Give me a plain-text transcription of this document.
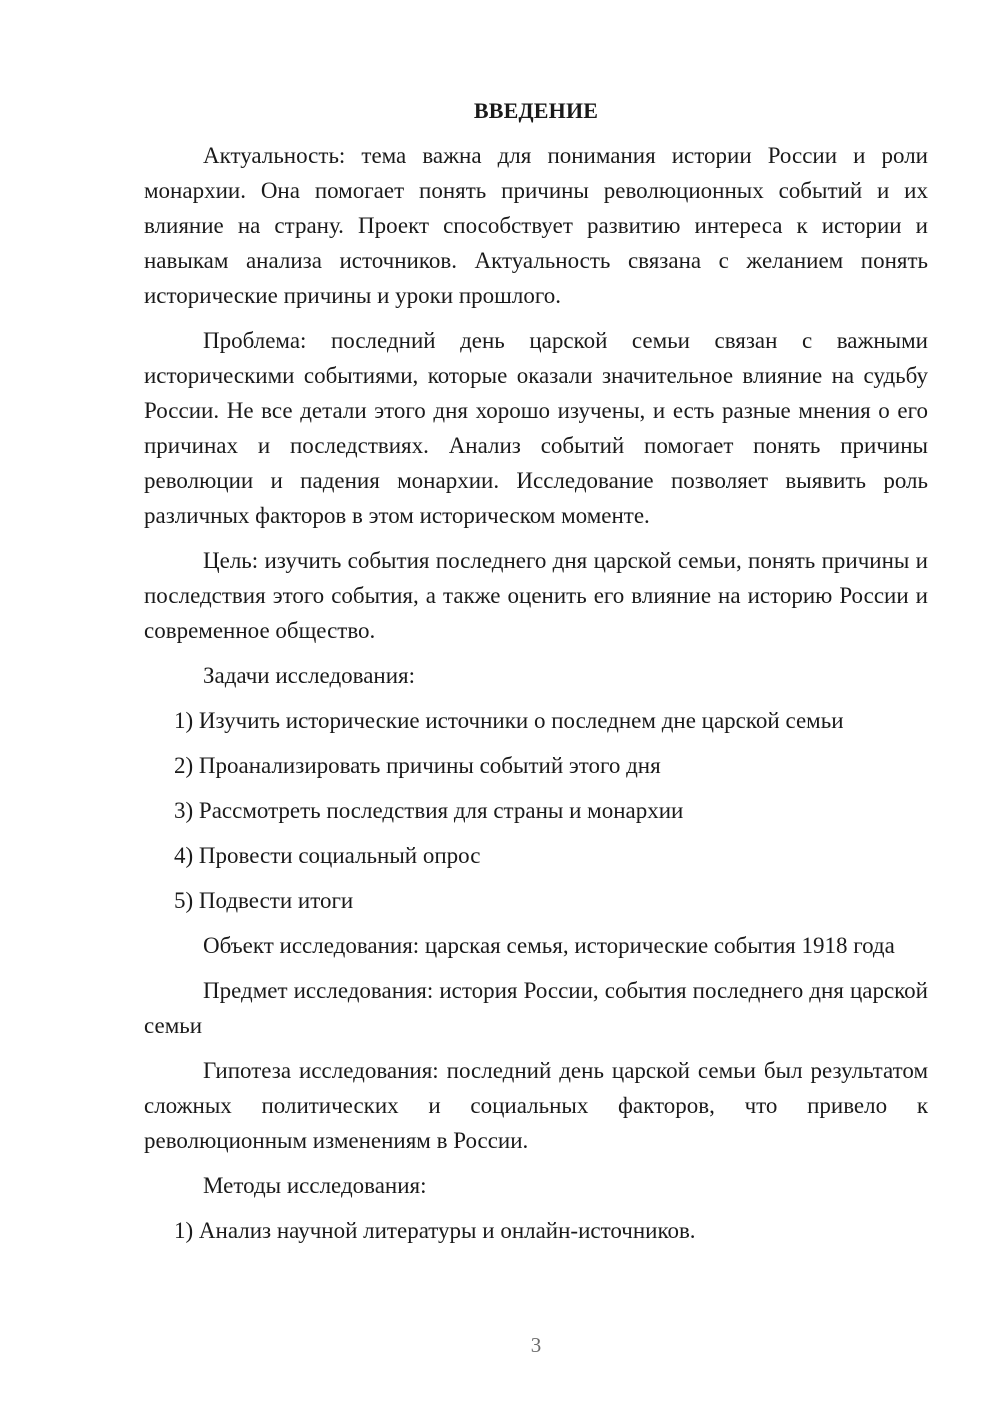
ВВЕДЕНИЕ

Актуальность: тема важна для понимания истории России и роли монархии. Она помогает понять причины революционных событий и их влияние на страну. Проект способствует развитию интереса к истории и навыкам анализа источников. Актуальность связана с желанием понять исторические причины и уроки прошлого.

Проблема: последний день царской семьи связан с важными историческими событиями, которые оказали значительное влияние на судьбу России. Не все детали этого дня хорошо изучены, и есть разные мнения о его причинах и последствиях. Анализ событий помогает понять причины революции и падения монархии. Исследование позволяет выявить роль различных факторов в этом историческом моменте.

Цель: изучить события последнего дня царской семьи, понять причины и последствия этого события, а также оценить его влияние на историю России и современное общество.

Задачи исследования:

1) Изучить исторические источники о последнем дне царской семьи
2) Проанализировать причины событий этого дня
3) Рассмотреть последствия для страны и монархии
4) Провести социальный опрос
5) Подвести итоги

Объект исследования: царская семья, исторические события 1918 года

Предмет исследования: история России, события последнего дня царской семьи

Гипотеза исследования: последний день царской семьи был результатом сложных политических и социальных факторов, что привело к революционным изменениям в России.

Методы исследования:

1) Анализ научной литературы и онлайн-источников.
3
